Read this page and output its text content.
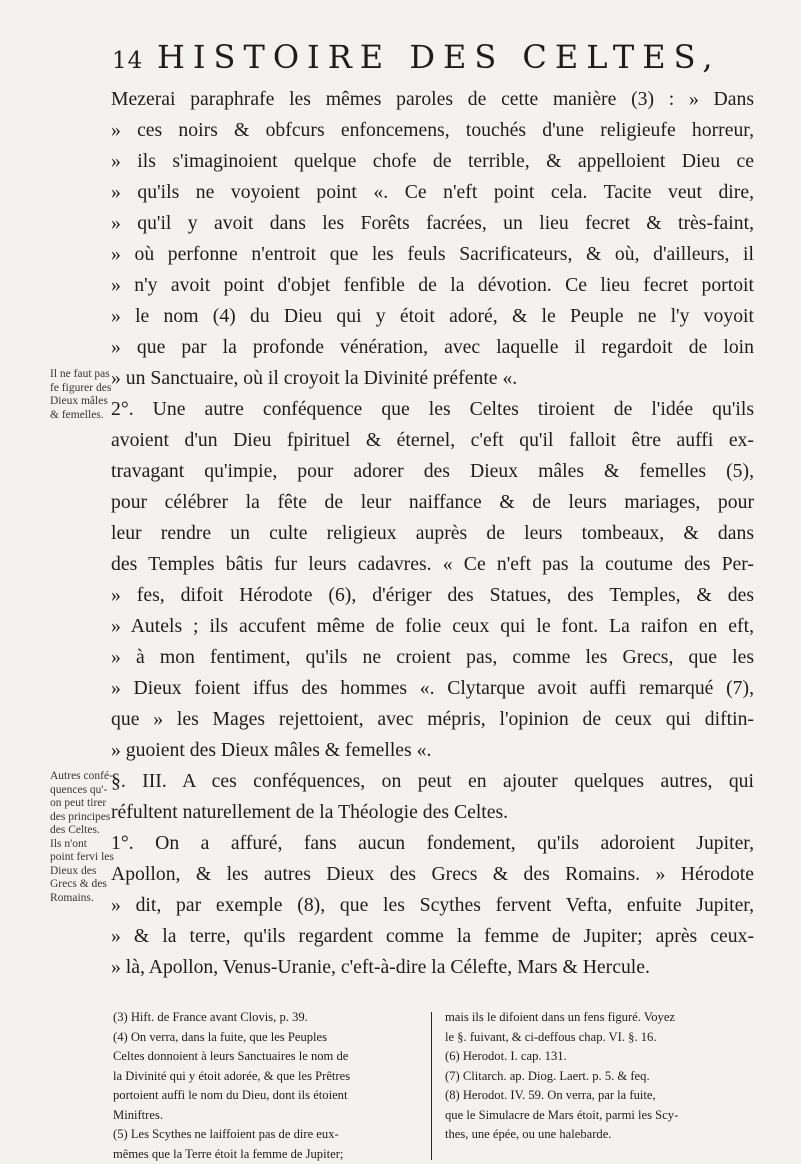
14 HISTOIRE DES CELTES,
Mezerai paraphrafe les mêmes paroles de cette manière (3) : » Dans
» ces noirs & obfcurs enfoncemens, touchés d'une religieufe horreur,
» ils s'imaginoient quelque chofe de terrible, & appelloient Dieu ce
» qu'ils ne voyoient point «. Ce n'eft point cela. Tacite veut dire,
» qu'il y avoit dans les Forêts facrées, un lieu fecret & très-faint,
» où perfonne n'entroit que les feuls Sacrificateurs, & où, d'ailleurs, il
» n'y avoit point d'objet fenfible de la dévotion. Ce lieu fecret portoit
» le nom (4) du Dieu qui y étoit adoré, & le Peuple ne l'y voyoit
» que par la profonde vénération, avec laquelle il regardoit de loin
» un Sanctuaire, où il croyoit la Divinité préfente «.
2°. Une autre conféquence que les Celtes tiroient de l'idée qu'ils
avoient d'un Dieu fpirituel & éternel, c'eft qu'il falloit être auffi ex-
travagant qu'impie, pour adorer des Dieux mâles & femelles (5),
pour célébrer la fête de leur naiffance & de leurs mariages, pour
leur rendre un culte religieux auprès de leurs tombeaux, & dans
des Temples bâtis fur leurs cadavres. « Ce n'eft pas la coutume des Per-
» fes, difoit Hérodote (6), d'ériger des Statues, des Temples, & des
» Autels ; ils accufent même de folie ceux qui le font. La raifon en eft,
» à mon fentiment, qu'ils ne croient pas, comme les Grecs, que les
» Dieux foient iffus des hommes «. Clytarque avoit auffi remarqué (7),
que » les Mages rejettoient, avec mépris, l'opinion de ceux qui diftin-
» guoient des Dieux mâles & femelles «.
§. III. A ces conféquences, on peut en ajouter quelques autres, qui
réfultent naturellement de la Théologie des Celtes.
1°. On a affuré, fans aucun fondement, qu'ils adoroient Jupiter,
Apollon, & les autres Dieux des Grecs & des Romains. » Hérodote
» dit, par exemple (8), que les Scythes fervent Vefta, enfuite Jupiter,
» & la terre, qu'ils regardent comme la femme de Jupiter; après ceux-
» là, Apollon, Venus-Uranie, c'eft-à-dire la Célefte, Mars & Hercule.
Il ne faut pas
fe figurer des
Dieux mâles
& femelles.
Autres confé-
quences qu'-
on peut tirer
des principes
des Celtes.
Ils n'ont
point fervi les
Dieux des
Grecs & des
Romains.
(3) Hift. de France avant Clovis, p. 39.
(4) On verra, dans la fuite, que les Peuples
Celtes donnoient à leurs Sanctuaires le nom de
la Divinité qui y étoit adorée, & que les Prêtres
portoient auffi le nom du Dieu, dont ils étoient
Miniftres.
(5) Les Scythes ne laiffoient pas de dire eux-
mêmes que la Terre étoit la femme de Jupiter;
mais ils le difoient dans un fens figuré. Voyez
le §. fuivant, & ci-deffous chap. VI. §. 16.
(6) Herodot. I. cap. 131.
(7) Clitarch. ap. Diog. Laert. p. 5. & feq.
(8) Herodot. IV. 59. On verra, par la fuite,
que le Simulacre de Mars étoit, parmi les Scy-
thes, une épée, ou une halebarde.
